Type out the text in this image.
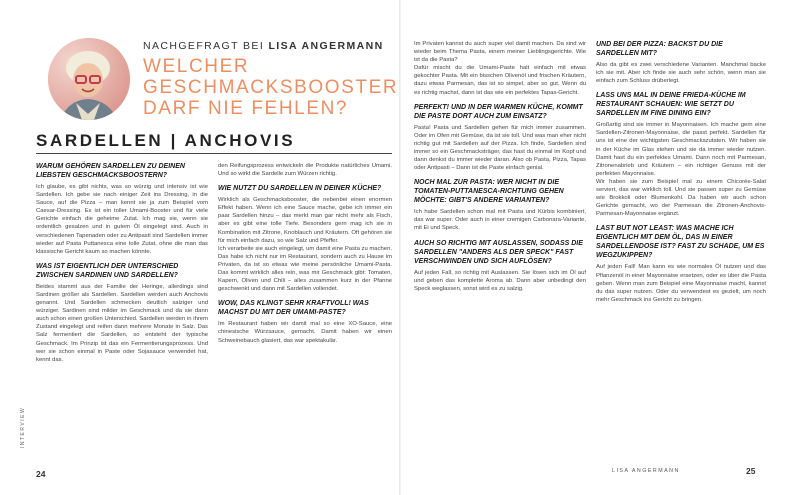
NACHGEFRAGT BEI LISA ANGERMANN
WELCHER
GESCHMACKSBOOSTER
DARF NIE FEHLEN?
SARDELLEN | ANCHOVIS

WARUM GEHÖREN SARDELLEN ZU DEINEN LIEBSTEN GESCHMACKSBOOSTERN?

Ich glaube, es gibt nichts, was so würzig und intensiv ist wie Sardellen. Ich gebe sie nach einiger Zeit ins Dressing, in die Sauce, auf die Pizza – man kennt sie ja zum Beispiel vom Caesar-Dressing. Es ist ein toller Umami-Booster und für viele Gerichte einfach die geheime Zutat. Ich mag sie, wenn sie ordentlich gesalzen und in gutem Öl eingelegt sind. Auch in verschiedenen Tapenaden oder zu Antipasti sind Sardellen immer wieder auf Pasta Puttanesca eine tolle Zutat, ohne die man das klassische Gericht kaum so machen könnte.

WAS IST EIGENTLICH DER UNTERSCHIED ZWISCHEN SARDINEN UND SARDELLEN?

Beides stammt aus der Familie der Heringe, allerdings sind Sardinen größer als Sardellen. Sardellen werden auch Anchovis genannt. Und Sardellen schmecken deutlich salziger und würziger. Sardinen sind milder im Geschmack und da sie dann auch schon einen großen Unterschied. Sardellen werden in ihrem Zustand eingelegt und reifen dann mehrere Monate in Salz. Das Salz fermentiert die Sardellen, so entsteht der typische Geschmack. Im Prinzip ist das ein Fermentierungsprozess. Und wer sie schon einmal in Paste oder Sojasauce verwendet hat, kennt das.

den Reifungsprozess entwickeln die Produkte natürliches Umami. Und so wirkt die Sardelle zum Würzen richtig.

WIE NUTZT DU SARDELLEN IN DEINER KÜCHE?

Wirklich als Geschmacksbooster, die nebenbei einen enormen Effekt haben. Wenn ich eine Sauce mache, gebe ich immer ein paar Sardellen hinzu – das merkt man gar nicht mehr als Fisch, aber es gibt eine tolle Tiefe. Besonders gern mag ich sie in Kombination mit Zitrone, Knoblauch und Kräutern. Oft gehören sie für mich einfach dazu, so wie Salz und Pfeffer.

Ich verarbeite sie auch eingelegt, um damit eine Pasta zu machen. Das habe ich nicht nur im Restaurant, sondern auch zu Hause im Privaten, da ist so etwas wie meine persönliche Umami-Pasta. Das kommt wirklich alles rein, was mir Geschmack gibt: Tomaten, Kapern, Oliven und Chili – alles zusammen kurz in der Pfanne geschwenkt und dann mit Sardellen vollendet.

WOW, DAS KLINGT SEHR KRAFTVOLL! WAS MACHST DU MIT DER UMAMI-PASTE?

Im Restaurant haben wir damit mal so eine XO-Sauce, eine chinesische Würzsauce, gemacht. Damit haben wir einen Schweinebauch glasiert, das war spektakulär.

Im Privaten kannst du auch super viel damit machen. Da sind wir wieder beim Thema Pasta, einem meiner Lieblingsgerichte. Wie ist da die Pasta?

Dafür mischt du die Umami-Paste halt einfach mit etwas gekochter Pasta. Mit ein bisschen Olivenöl und frischen Kräutern, dazu etwas Parmesan, das ist so simpel, aber so gut. Wenn du es richtig machst, dann ist das wie ein perfektes Tapas-Gericht.

PERFEKT! UND IN DER WARMEN KÜCHE, KOMMT DIE PASTE DORT AUCH ZUM EINSATZ?

Pasta! Pasta und Sardellen gehen für mich immer zusammen. Oder im Ofen mit Gemüse, da ist sie toll. Und was man eher nicht richtig gut mit Sardellen auf der Pizza. Ich finde, Sardellen sind immer so ein Geschmacksträger, das hast du einmal im Kopf und dann denkst du immer wieder daran. Also ob Pasta, Pizza, Tapas oder Antipasti – Dann ist die Paste einfach genial.

NOCH MAL ZUR PASTA: WER NICHT IN DIE TOMATEN-PUTTANESCA-RICHTUNG GEHEN MÖCHTE: GIBT'S ANDERE VARIANTEN?

Ich habe Sardellen schon mal mit Pasta und Kürbis kombiniert, das war super. Oder auch in einer cremigen Carbonara-Variante, mit Ei und Speck.

AUCH SO RICHTIG MIT AUSLASSEN, SODASS DIE SARDELLEN "ANDERS ALS DER SPECK" FAST VERSCHWINDEN UND SICH AUFLÖSEN?

Auf jeden Fall, so richtig mit Auslassen. Sie lösen sich im Öl auf und geben das komplette Aroma ab. Dann aber unbedingt den Speck weglassen, sonst wird es zu salzig.

UND BEI DER PIZZA: BACKST DU DIE SARDELLEN MIT?

Also da gibt es zwei verschiedene Varianten. Manchmal backe ich sie mit. Aber ich finde sie auch sehr schön, wenn man sie einfach zum Schluss drüberlegt.

LASS UNS MAL IN DEINE FRIEDA-KÜCHE IM RESTAURANT SCHAUEN: WIE SETZT DU SARDELLEN IM FINE DINING EIN?

Großartig sind sie immer in Mayonnaisen. Ich mache gern eine Sardellen-Zitronen-Mayonnaise, die passt perfekt. Sardellen für uns ist eine der wichtigsten Geschmackszutaten. Wir haben sie in der Küche im Glas stehen und sie da immer wieder nutzen. Damit hast du ein perfektes Umami. Dann noch mit Parmesan, Zitronenabrieb und Kräutern – ein richtiger Genuss mit der perfekten Mayonnaise.

Wir haben sie zum Beispiel mal zu einem Chicorée-Salat serviert, das war wirklich toll. Und sie passen super zu Gemüse wie Brokkoli oder Blumenkohl. Da haben wir auch schon Gerichte gemacht, wo der Parmesan die Zitronen-Anchovis-Parmesan-Mayonnaise ergänzt.

LAST BUT NOT LEAST: WAS MACHE ICH EIGENTLICH MIT DEM ÖL, DAS IN EINER SARDELLENDOSE IST? FAST ZU SCHADE, UM ES WEGZUKIPPEN?

Auf jeden Fall! Man kann es wie normales Öl nutzen und das Pflanzenöl in einer Mayonnaise ersetzen, oder es über die Pasta geben. Wenn man zum Beispiel eine Mayonnaise macht, kannst du das super nutzen. Oder du verwendest es gezielt, um noch mehr Geschmack ins Gericht zu bringen.

INTERVIEW
24	LISA ANGERMANN	25
